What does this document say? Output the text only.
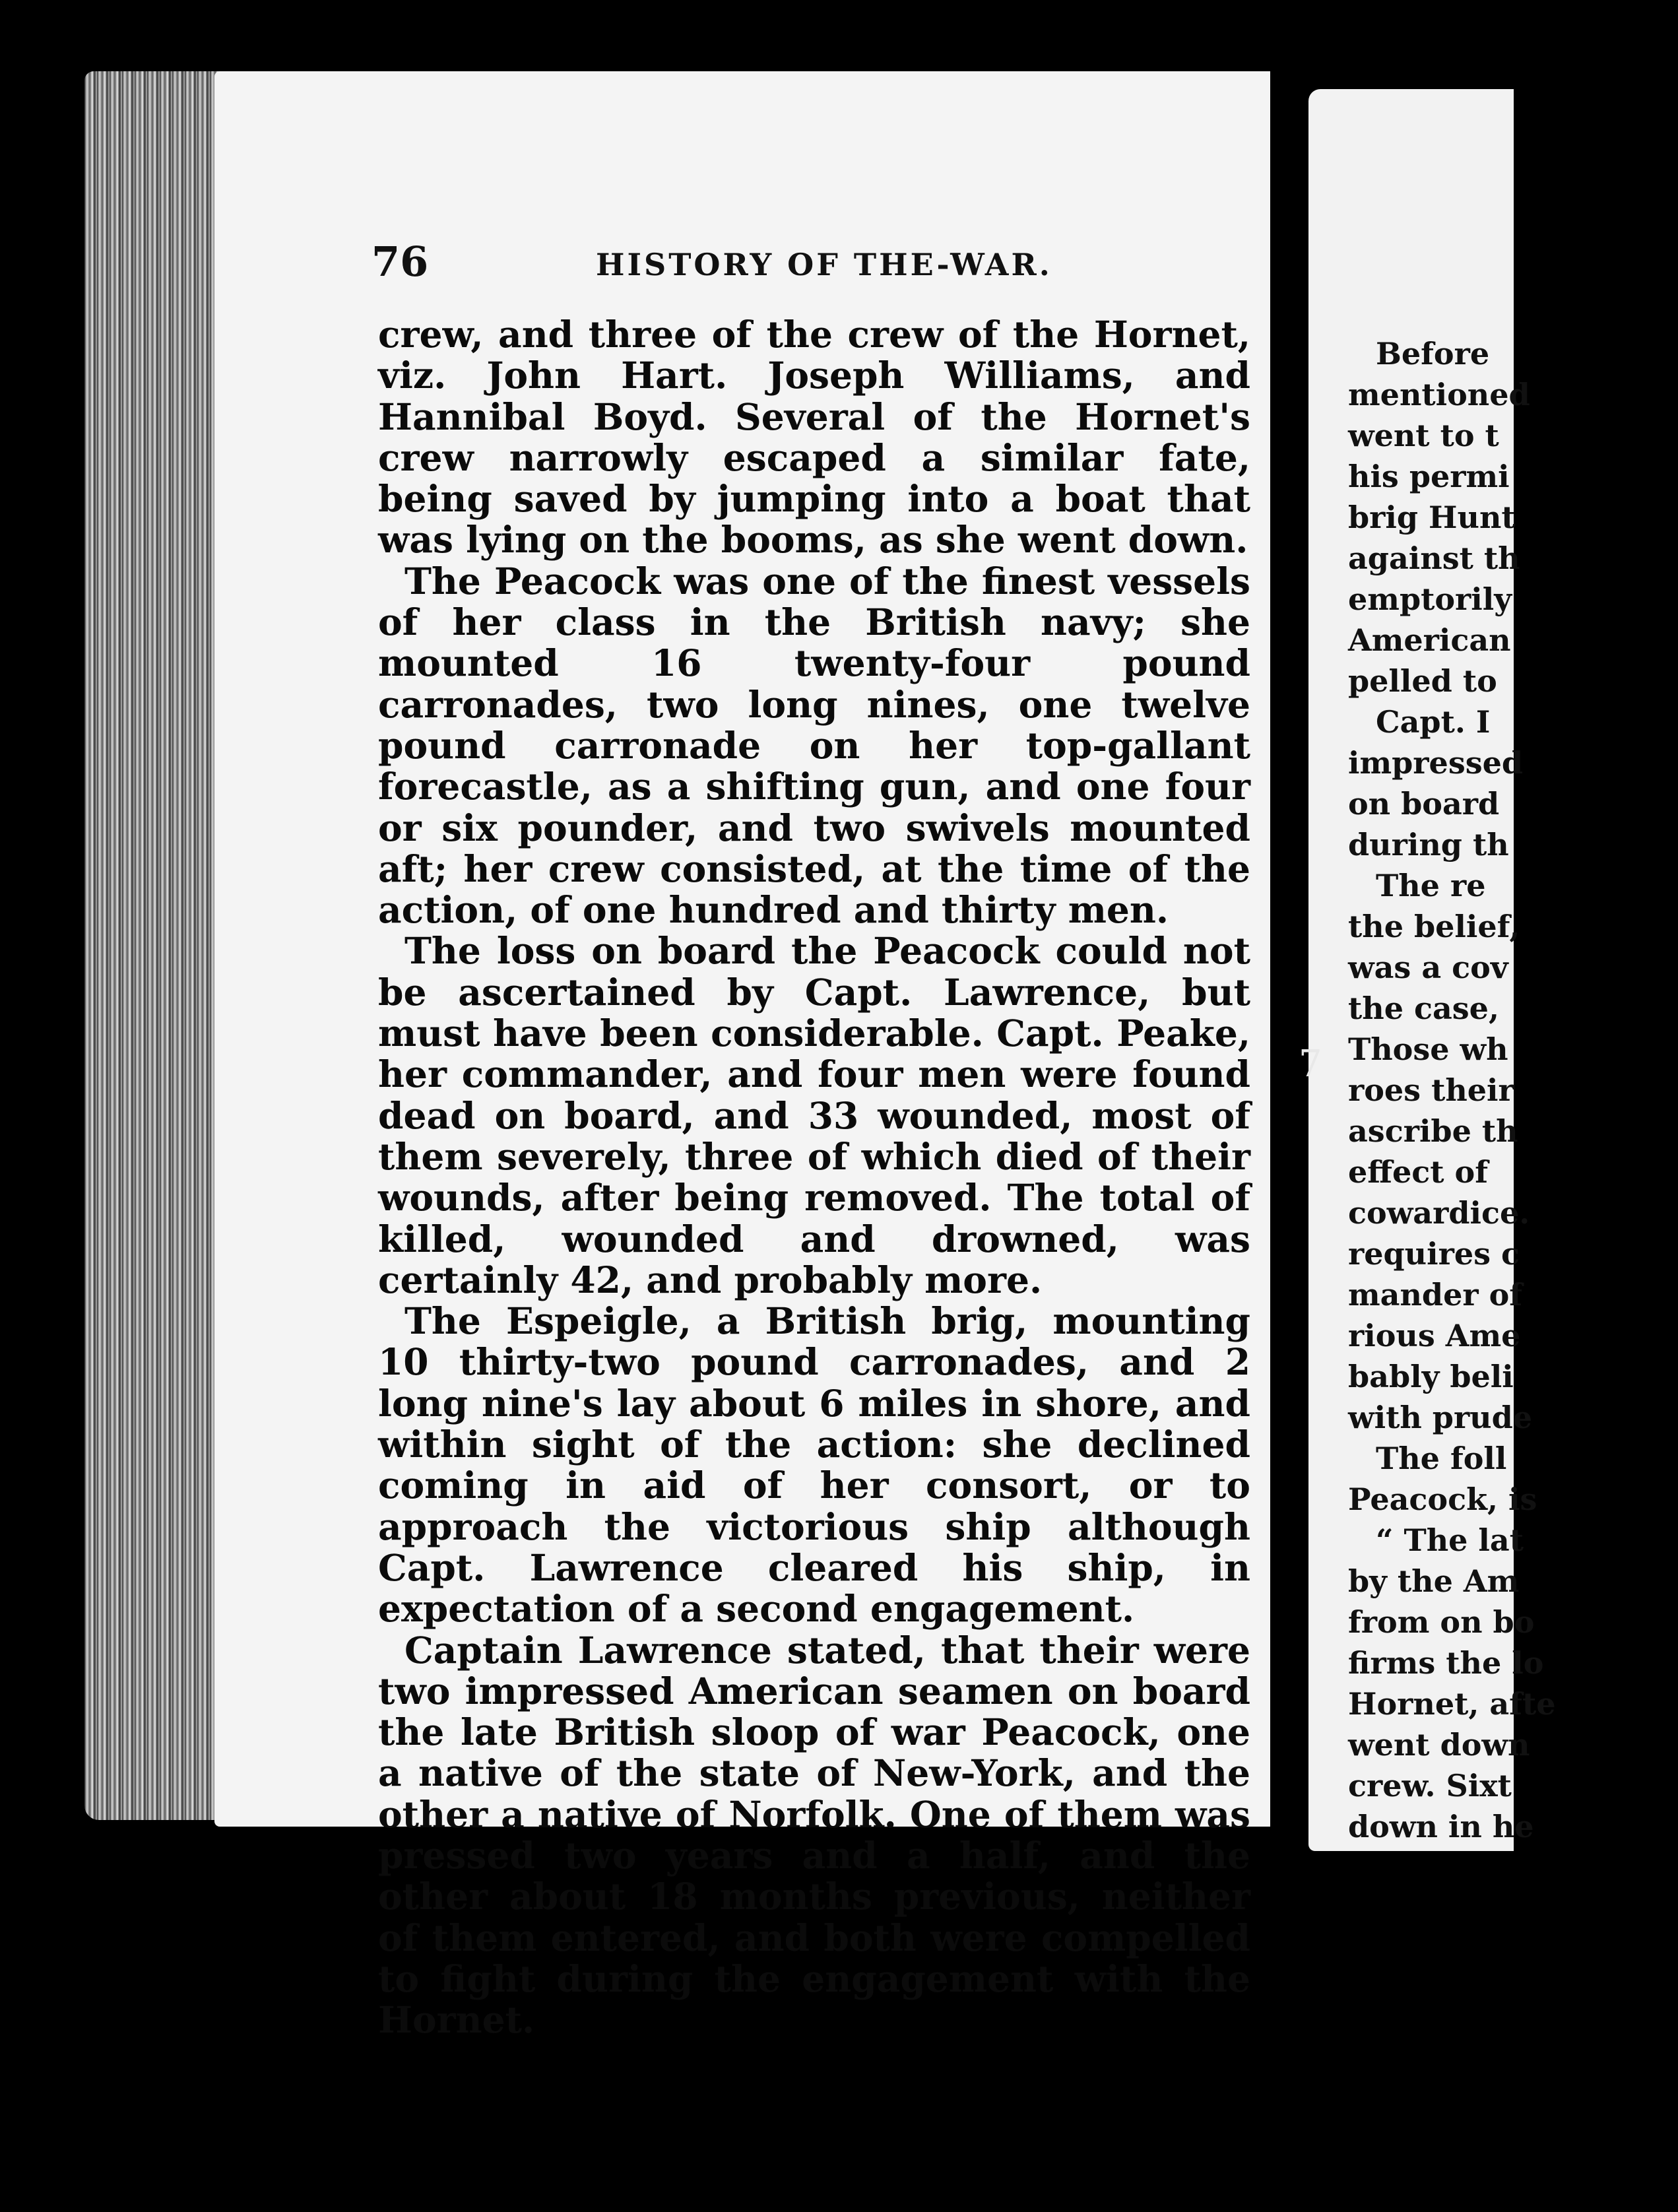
Before
mentioned
went to t
his permi
brig Hunt
against th
emptorily
American
pelled to
Capt. I
impressed
on board
during th
The re
the belief,
was a cov
the case,
Those wh
roes their
ascribe th
effect of
cowardice.
requires c
mander of
rious Ame
bably beli
with prude
The foll
Peacock, is
“ The lat
by the Am
from on bo
firms the lo
Hornet, afte
went down
crew. Sixt
down in he
76	HISTORY OF THE-WAR.

crew, and three of the crew of the Hornet, viz. John Hart. Joseph Williams, and Hannibal Boyd. Several of the Hornet's crew narrowly escaped a similar fate, being saved by jumping into a boat that was lying on the booms, as she went down.

The Peacock was one of the finest vessels of her class in the British navy; she mounted 16 twenty-four pound carronades, two long nines, one twelve pound carronade on her top-gallant forecastle, as a shifting gun, and one four or six pounder, and two swivels mounted aft; her crew consisted, at the time of the action, of one hundred and thirty men.

The loss on board the Peacock could not be ascertained by Capt. Lawrence, but must have been considerable. Capt. Peake, her commander, and four men were found dead on board, and 33 wounded, most of them severely, three of which died of their wounds, after being removed. The total of killed, wounded and drowned, was certainly 42, and probably more.

The Espeigle, a British brig, mounting 10 thirty-two pound carronades, and 2 long nine's lay about 6 miles in shore, and within sight of the action: she declined coming in aid of her consort, or to approach the victorious ship although Capt. Lawrence cleared his ship, in expectation of a second engagement.

Captain Lawrence stated, that their were two impressed American seamen on board the late British sloop of war Peacock, one a native of the state of New-York, and the other a native of Norfolk. One of them was pressed two years and a half, and the other about 18 months previous, neither of them entered, and both were compelled to fight during the engagement with the Hornet.

7
